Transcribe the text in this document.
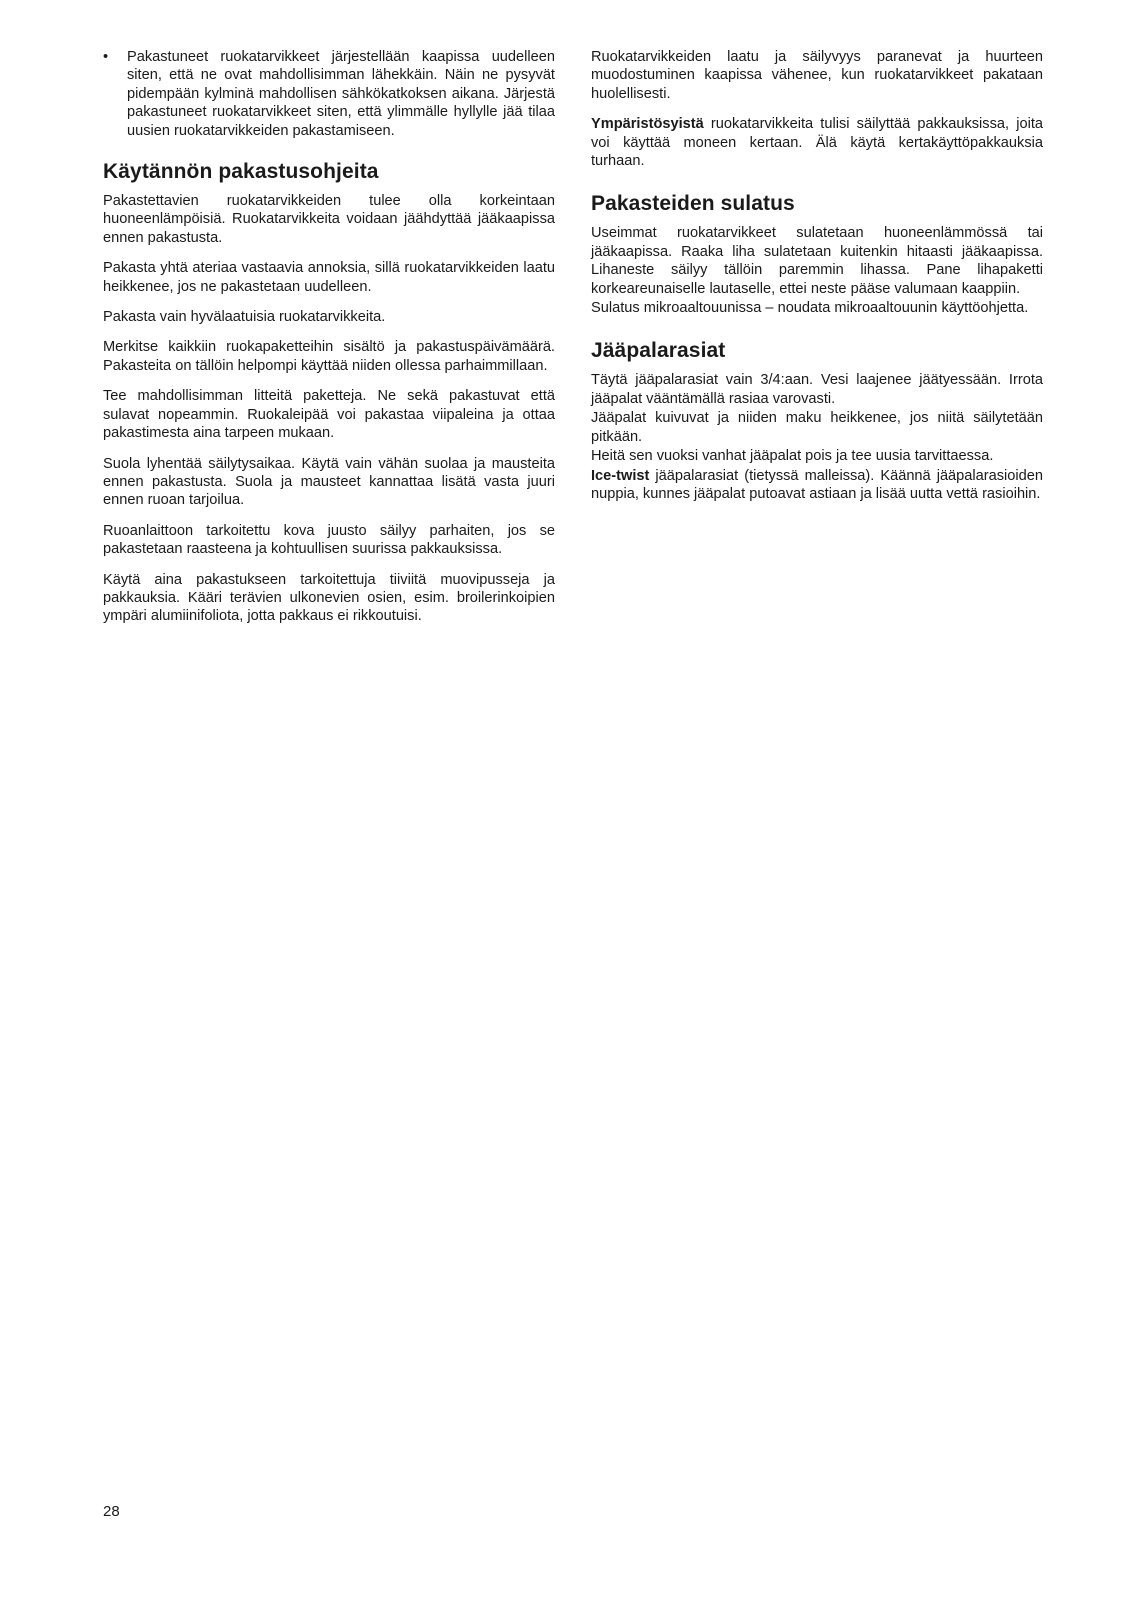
• Pakastuneet ruokatarvikkeet järjestellään kaapissa uudelleen siten, että ne ovat mahdollisimman lähekkäin. Näin ne pysyvät pidempään kylminä mahdollisen sähkökatkoksen aikana. Järjestä pakastuneet ruokatarvikkeet siten, että ylimmälle hyllylle jää tilaa uusien ruokatarvikkeiden pakastamiseen.
Käytännön pakastusohjeita

Pakastettavien ruokatarvikkeiden tulee olla korkeintaan huoneenlämpöisiä. Ruokatarvikkeita voidaan jäähdyttää jääkaapissa ennen pakastusta.

Pakasta yhtä ateriaa vastaavia annoksia, sillä ruokatarvikkeiden laatu heikkenee, jos ne pakastetaan uudelleen.

Pakasta vain hyvälaatuisia ruokatarvikkeita.

Merkitse kaikkiin ruokapaketteihin sisältö ja pakastuspäivämäärä. Pakasteita on tällöin helpompi käyttää niiden ollessa parhaimmillaan.

Tee mahdollisimman litteitä paketteja. Ne sekä pakastuvat että sulavat nopeammin. Ruokaleipää voi pakastaa viipaleina ja ottaa pakastimesta aina tarpeen mukaan.

Suola lyhentää säilytysaikaa. Käytä vain vähän suolaa ja mausteita ennen pakastusta. Suola ja mausteet kannattaa lisätä vasta juuri ennen ruoan tarjoilua.

Ruoanlaittoon tarkoitettu kova juusto säilyy parhaiten, jos se pakastetaan raasteena ja kohtuullisen suurissa pakkauksissa.

Käytä aina pakastukseen tarkoitettuja tiiviitä muovipusseja ja pakkauksia. Kääri terävien ulkonevien osien, esim. broilerinkoipien ympäri alumiinifoliota, jotta pakkaus ei rikkoutuisi.

Ruokatarvikkeiden laatu ja säilyvyys paranevat ja huurteen muodostuminen kaapissa vähenee, kun ruokatarvikkeet pakataan huolellisesti.

Ympäristösyistä ruokatarvikkeita tulisi säilyttää pakkauksissa, joita voi käyttää moneen kertaan. Älä käytä kertakäyttöpakkauksia turhaan.

Pakasteiden sulatus

Useimmat ruokatarvikkeet sulatetaan huoneenlämmössä tai jääkaapissa. Raaka liha sulatetaan kuitenkin hitaasti jääkaapissa. Lihaneste säilyy tällöin paremmin lihassa. Pane lihapaketti korkeareunaiselle lautaselle, ettei neste pääse valumaan kaappiin.

Sulatus mikroaaltouunissa – noudata mikroaaltouunin käyttöohjetta.

Jääpalarasiat

Täytä jääpalarasiat vain 3/4:aan. Vesi laajenee jäätyessään. Irrota jääpalat vääntämällä rasiaa varovasti.

Jääpalat kuivuvat ja niiden maku heikkenee, jos niitä säilytetään pitkään.

Heitä sen vuoksi vanhat jääpalat pois ja tee uusia tarvittaessa.

Ice-twist jääpalarasiat (tietyssä malleissa). Käännä jääpalarasioiden nuppia, kunnes jääpalat putoavat astiaan ja lisää uutta vettä rasioihin.

28
